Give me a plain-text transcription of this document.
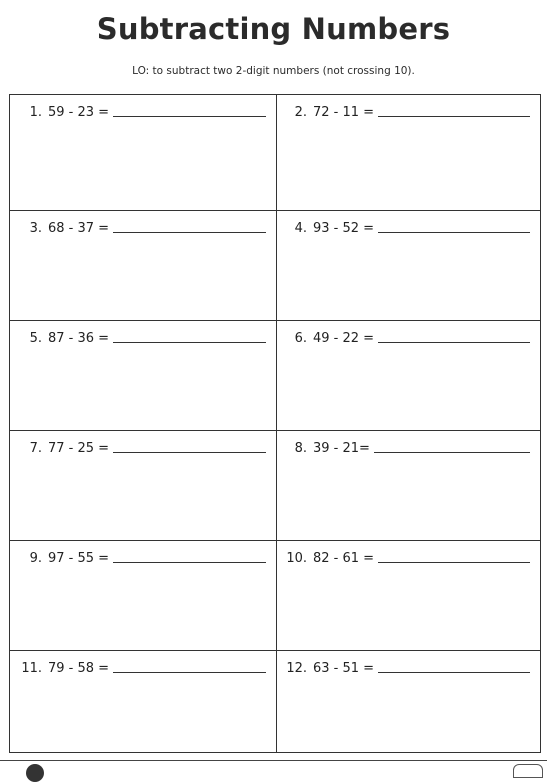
Subtracting Numbers
LO: to subtract two 2-digit numbers (not crossing 10).
1. 59 - 23 =	2. 72 - 11 =
3. 68 - 37 =	4. 93 - 52 =
5. 87 - 36 =	6. 49 - 22 =
7. 77 - 25 =	8. 39 - 21=
9. 97 - 55 =	10. 82 - 61 =
11. 79 - 58 =	12. 63 - 51 =
